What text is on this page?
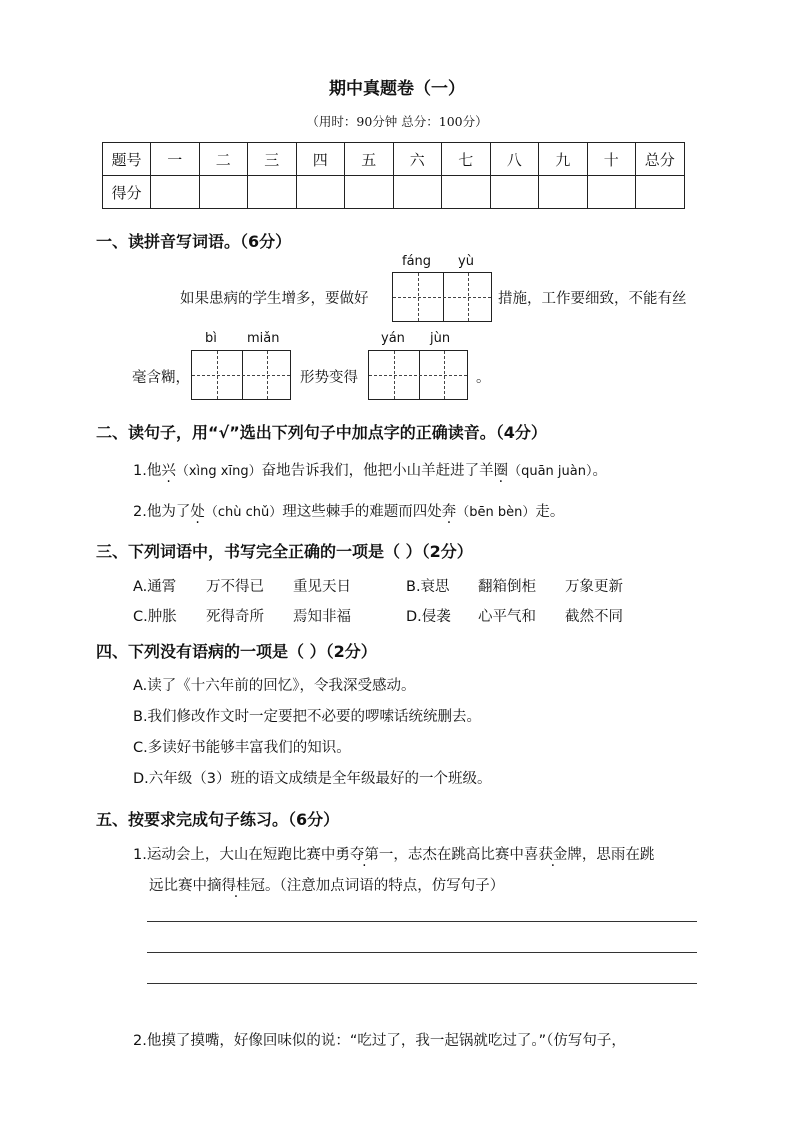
期中真题卷（一）
（用时：90分钟 总分：100分）
题号	一	二	三	四	五	六	七	八	九	十	总分
得分											
一、读拼音写词语。（6分）
fáng yù
如果患病的学生增多，要做好	措施，工作要细致，不能有丝
bì miǎn	yán jùn
毫含糊，	形势变得	。
二、读句子，用“√”选出下列句子中加点字的正确读音。（4分）
1.他兴（xìng xīng）奋地告诉我们，他把小山羊赶进了羊圈（quān juàn）。
2.他为了处（chù chǔ）理这些棘手的难题而四处奔（bēn bèn）走。
三、下列词语中，书写完全正确的一项是（ ）（2分）
A.通霄 万不得已 重见天日	B.衰思 翻箱倒柜 万象更新
C.肿胀 死得奇所 焉知非福	D.侵袭 心平气和 截然不同
四、下列没有语病的一项是（ ）（2分）
A.读了《十六年前的回忆》，令我深受感动。
B.我们修改作文时一定要把不必要的啰嗦话统统删去。
C.多读好书能够丰富我们的知识。
D.六年级（3）班的语文成绩是全年级最好的一个班级。
五、按要求完成句子练习。（6分）
1.运动会上，大山在短跑比赛中勇夺第一，志杰在跳高比赛中喜获金牌，思雨在跳
远比赛中摘得桂冠。（注意加点词语的特点，仿写句子）
2.他摸了摸嘴，好像回味似的说：“吃过了，我一起锅就吃过了。”（仿写句子，
